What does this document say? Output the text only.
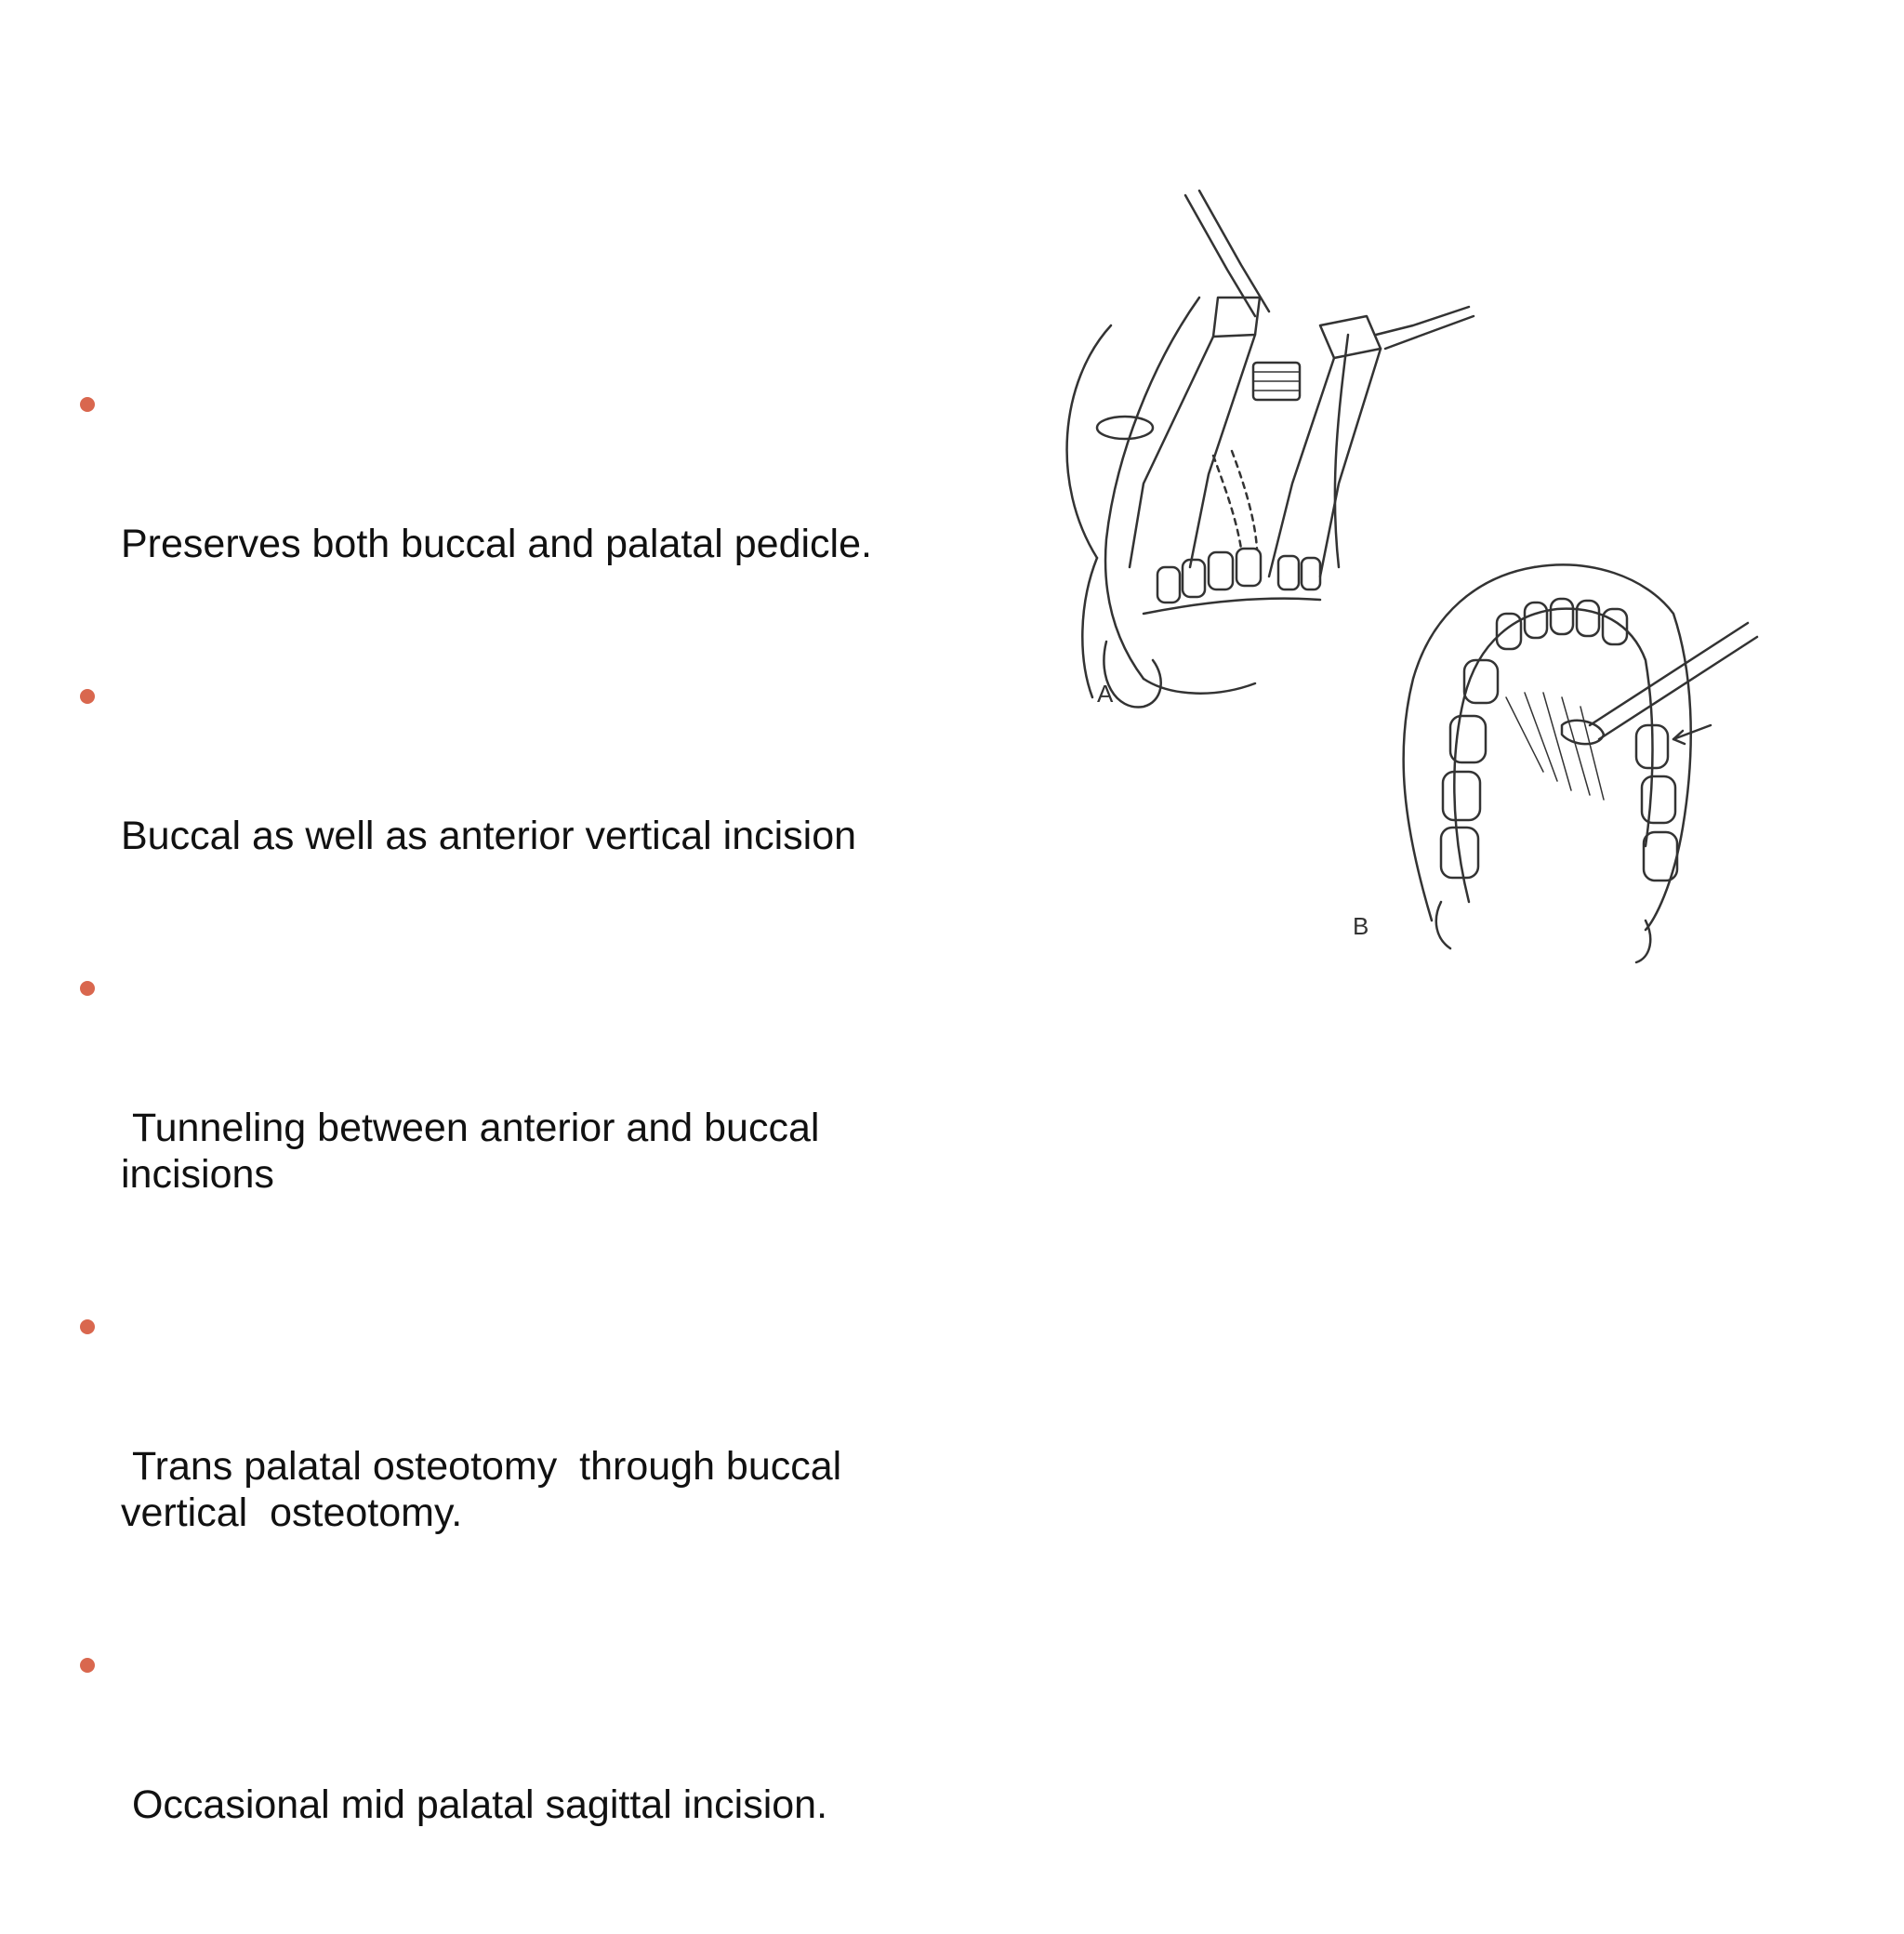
Preserves both buccal and palatal pedicle.

Buccal as well as anterior vertical incision

Tunneling between anterior and buccal
incisions

Trans palatal osteotomy  through buccal
vertical  osteotomy.

Occasional mid palatal sagittal incision.

A
B
